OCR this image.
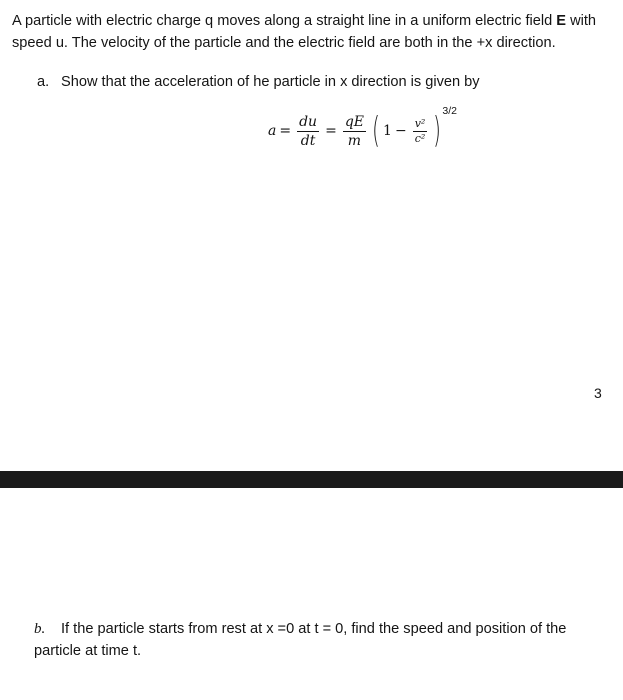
A particle with electric charge q moves along a straight line in a uniform electric field E with speed u. The velocity of the particle and the electric field are both in the +x direction.
a. Show that the acceleration of he particle in x direction is given by
$a = \frac{du}{dt} = \frac{qE}{m}$ ( $1 - \frac{\text{v²}}{\text{c²}}$ ) 3/2
3
b. If the particle starts from rest at x =0 at t = 0, find the speed and position of the particle at time t.
